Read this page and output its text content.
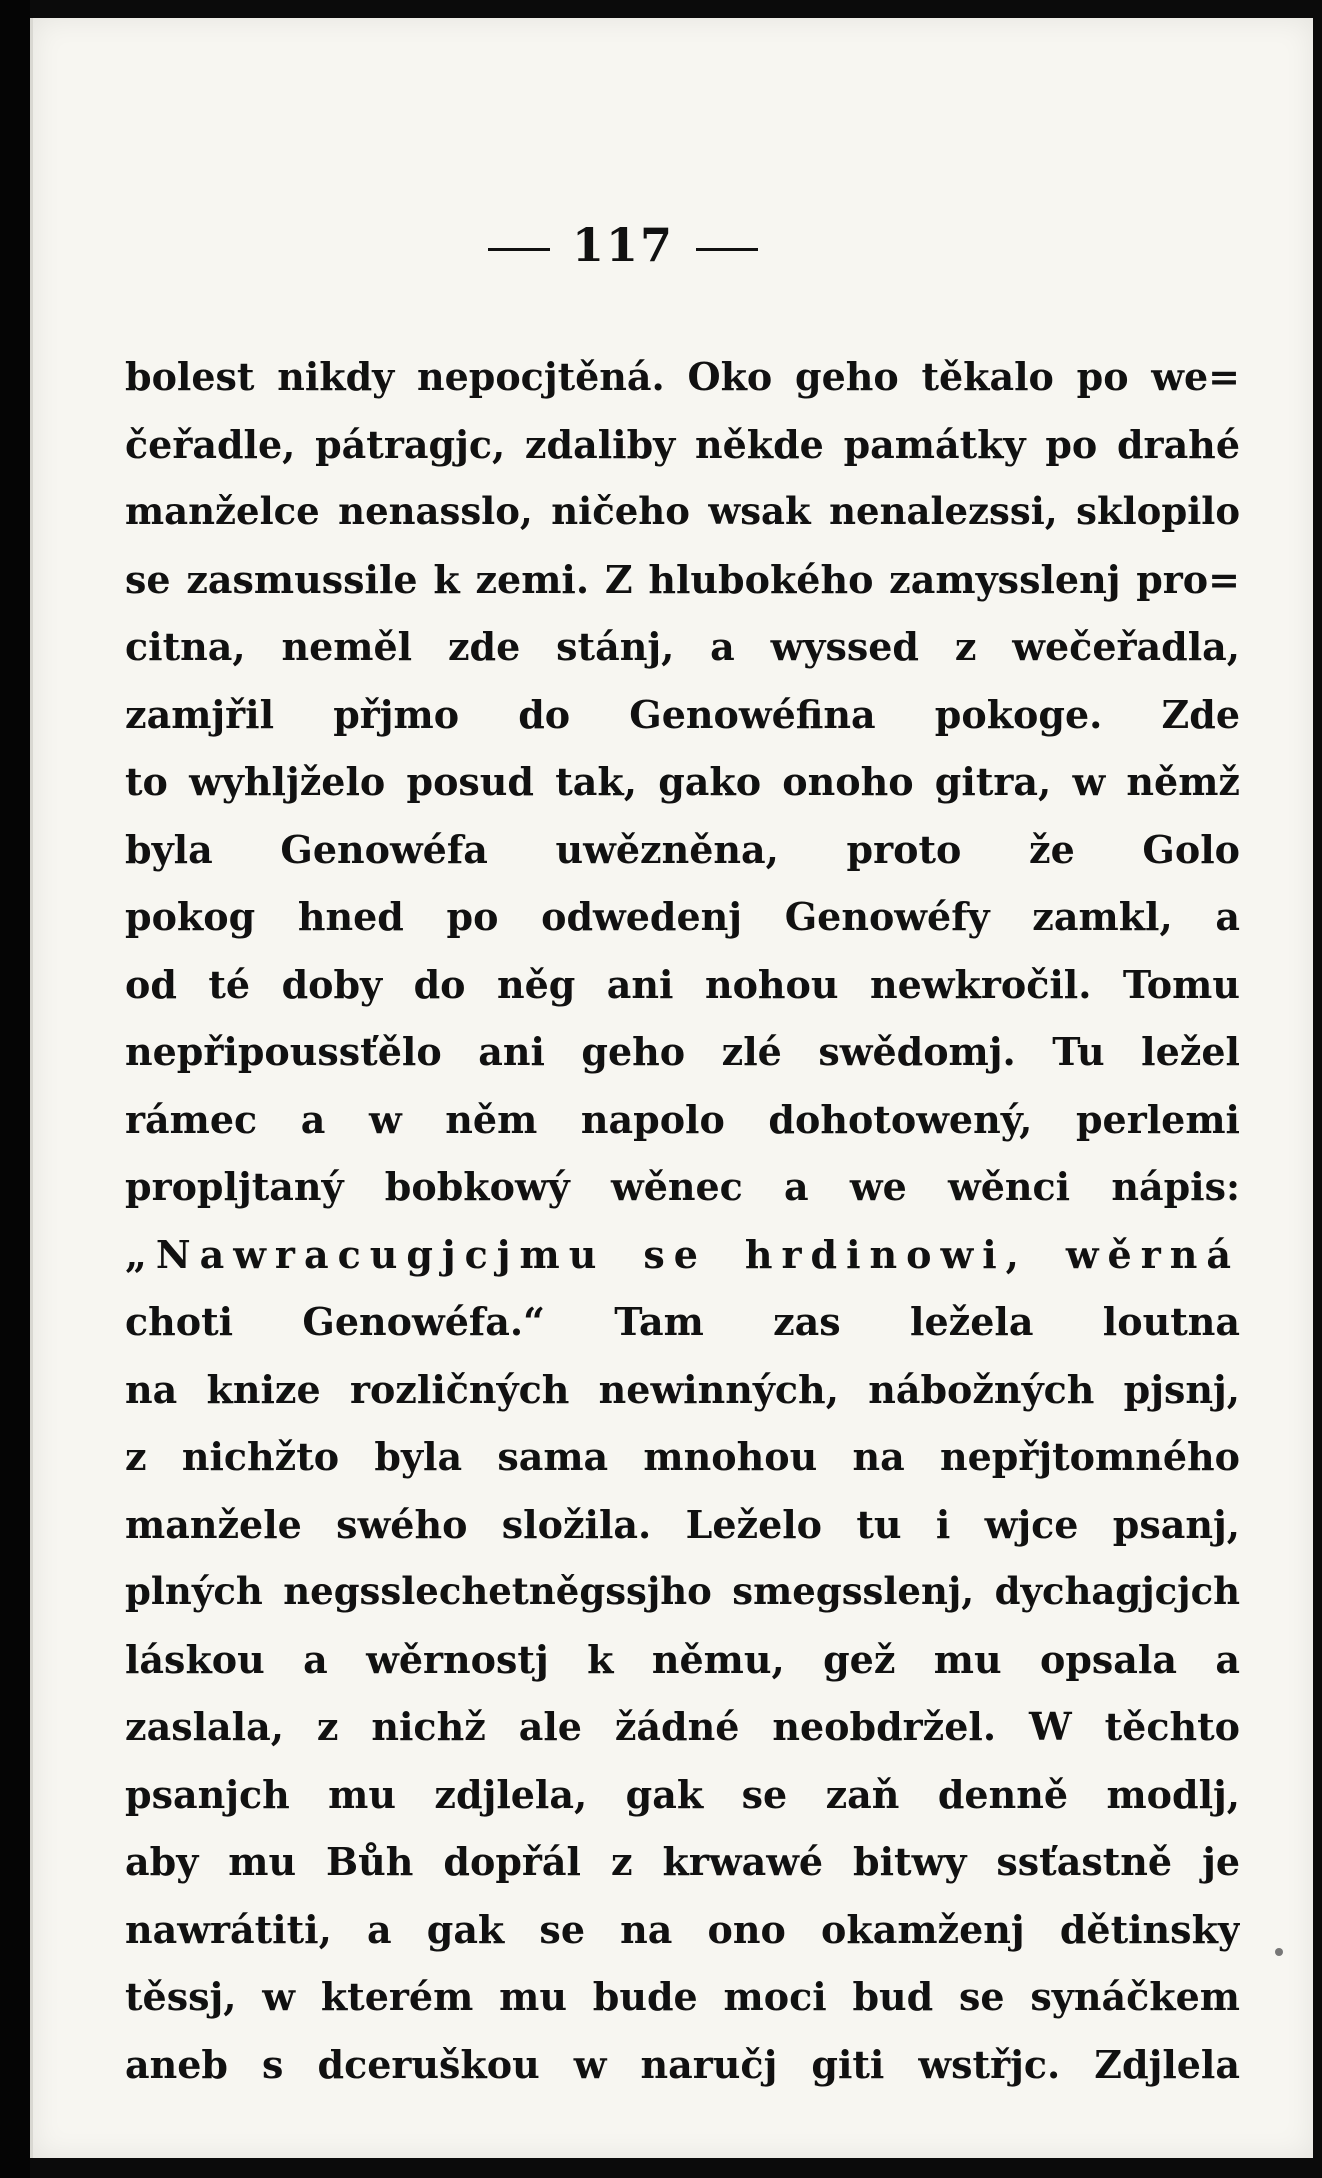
117
bolest nikdy nepocjtěná. Oko geho těkalo po we=
čeřadle, pátragjc, zdaliby někde památky po drahé
manželce nenasslo, ničeho wsak nenalezssi, sklopilo
se zasmussile k zemi. Z hlubokého zamysslenj pro=
citna, neměl zde stánj, a wyssed z wečeřadla,
zamjřil přjmo do Genowéfina pokoge. Zde
to wyhljželo posud tak, gako onoho gitra, w němž
byla Genowéfa uwězněna, proto že Golo
pokog hned po odwedenj Genowéfy zamkl, a
od té doby do něg ani nohou newkročil. Tomu
nepřipoussťělo ani geho zlé swědomj. Tu ležel
rámec a w něm napolo dohotowený, perlemi
proplјtaný bobkowý wěnec a we wěnci nápis:
„Nawracugjcjmu se hrdinowi, wěrná
choti Genowéfa.“ Tam zas ležela loutna
na knize rozličných newinných, nábožných pjsnj,
z nichžto byla sama mnohou na nepřjtomného
manžele swého složila. Leželo tu i wjce psanj,
plných negsslechetněgssjho smegsslenj, dychagjcjch
láskou a wěrnostj k němu, gež mu opsala a
zaslala, z nichž ale žádné neobdržel. W těchto
psanjch mu zdjlela, gak se zaň denně modlj,
aby mu Bůh dopřál z krwawé bitwy ssťastně je
nawrátiti, a gak se na ono okamženj dětinsky
těssj, w kterém mu bude moci bud se synáčkem
aneb s dceruškou w naručj giti wstřjc. Zdjlela
